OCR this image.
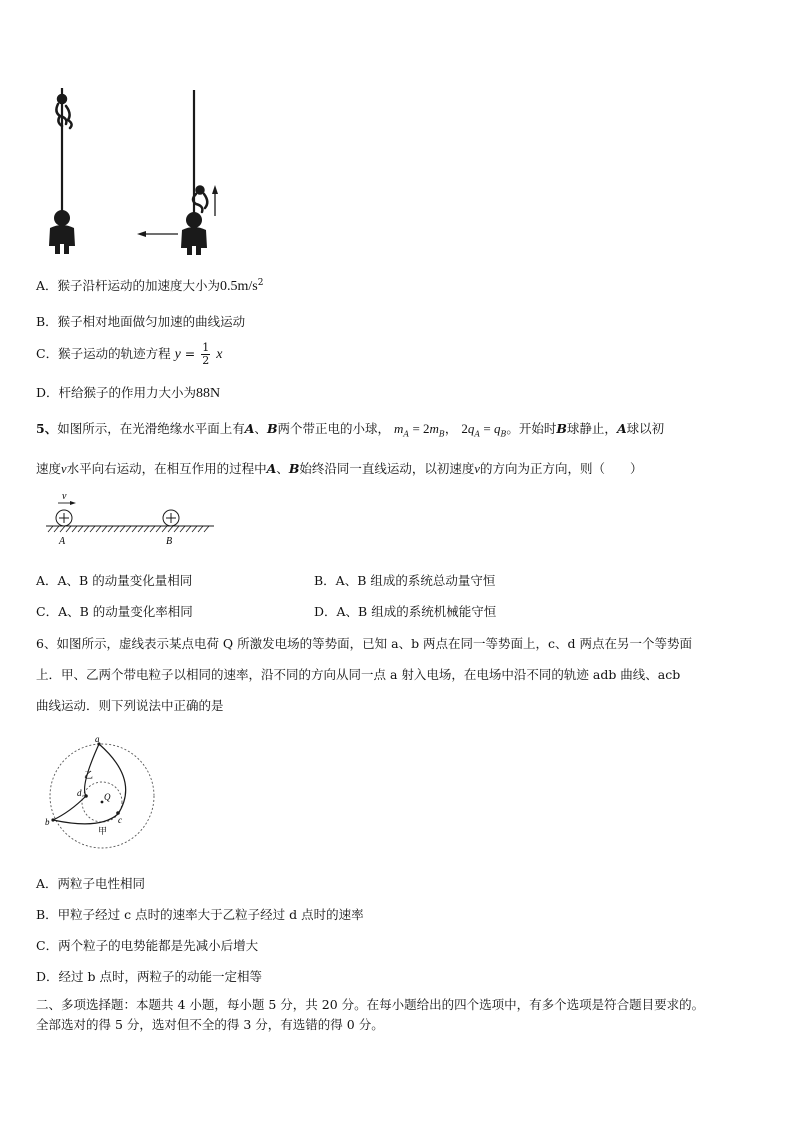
A．猴子沿杆运动的加速度大小为$0.5m/s^2$
B．猴子相对地面做匀加速的曲线运动
C．猴子运动的轨迹方程 $y = \frac{1}{2}$ x
D．杆给猴子的作用力大小为88N
5、如图所示，在光滑绝缘水平面上有A、B两个带正电的小球， $m_A = 2m_B$， $2q_A = q_B$。开始时B球静止，A球以初
速度v水平向右运动，在相互作用的过程中A、B始终沿同一直线运动，以初速度v的方向为正方向，则（　　）
v
A	B
A．A、B 的动量变化量相同	B．A、B 组成的系统总动量守恒
C．A、B 的动量变化率相同	D．A、B 组成的系统机械能守恒
6、如图所示，虚线表示某点电荷 Q 所激发电场的等势面，已知 a、b 两点在同一等势面上，c、d 两点在另一个等势面
上．甲、乙两个带电粒子以相同的速率，沿不同的方向从同一点 a 射入电场，在电场中沿不同的轨迹 adb 曲线、acb
曲线运动．则下列说法中正确的是
a
b	c
d	Q
乙
甲
A．两粒子电性相同
B．甲粒子经过 c 点时的速率大于乙粒子经过 d 点时的速率
C．两个粒子的电势能都是先减小后增大
D．经过 b 点时，两粒子的动能一定相等
二、多项选择题：本题共 4 小题，每小题 5 分，共 20 分。在每小题给出的四个选项中，有多个选项是符合题目要求的。
全部选对的得 5 分，选对但不全的得 3 分，有选错的得 0 分。
